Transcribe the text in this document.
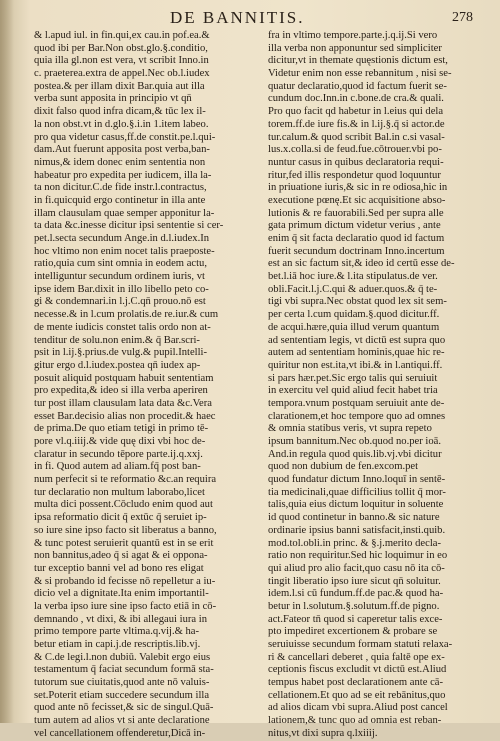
DE BANNITIS.	278
& l.apud iul. in fin.qui,ex cau.in pof.ea.&
quod ibi per Bar.Non obst.glo.§.conditio,
quia illa gl.non est vera, vt scribit Inno.in
c. praeterea.extra de appel.Nec ob.l.iudex
postea.& per illam dixit Bar.quia aut illa
verba sunt apposita in principio vt qn̄
dixit falso quod infra dicam,& tūc lex il-
la non obst.vt in d.glo.§.i.in 1.item labeo.
pro qua videtur casus,ff.de constit.pe.l.qui-
dam.Aut fuerunt apposita post verba,ban-
nimus,& idem donec enim sententia non
habeatur pro expedita per iudicem, illa la-
ta non dicitur.C.de fide instr.l.contractus,
in fi.quicquid ergo continetur in illa ante
illam clausulam quae semper apponitur la-
ta data &c.inesse dicitur ipsi sententie si cer-
pet.l.secta secundum Ange.in d.l.iudex.In
hoc vltimo non enim nocet talis praeposte-
ratio,quia cum sint omnia in eodem actu,
intelliguntur secundum ordinem iuris, vt
ipse idem Bar.dixit in illo libello peto co-
gi & condemnari.in l.j.C.qn̄ prouo.nō est
necesse.& in l.cum prolatis.de re.iur.& cum
de mente iudicis constet talis ordo non at-
tenditur de solu.non enim.& q̄ Bar.scri-
psit in l.ij.§.prius.de vulg.& pupil.Intelli-
gitur ergo d.l.iudex.postea qn̄ iudex ap-
posuit aliquid postquam habuit sententiam
pro expedita,& ideo si illa verba aperiren
tur post illam clausulam lata data &c.Vera
esset Bar.decisio alias non procedit.& haec
de prima.De quo etiam tetigi in primo tē-
pore vl.q.iiij.& vide quę dixi vbi hoc de-
claratur in secundo tēpore parte.ij.q.xxj.
in fi. Quod autem ad aliam.fq̄ post ban-
num perfecit si te reformatio &c.an requira
tur declaratio non multum laborabo,licet
multa dici possent.Cōcludo enim quod aut
ipsa reformatio dicit q̄ extūc q̄ seruiet ip-
so iure sine ipso facto sit liberatus a banno,
& tunc potest seruierit quantū est in se erit
non bannitus,adeo q̄ si agat & ei oppona-
tur exceptio banni vel ad bono res eligat
& si probando id fecisse nō repelletur a iu-
dicio vel a dignitate.Ita enim importantil-
la verba ipso iure sine ipso facto etiā in cō-
demnando , vt dixi, & ibi allegaui iura in
primo tempore parte vltima.q.vij.& ha-
betur etiam in capi.j.de rescriptis.lib.vj.
& C.de legi.l.non dubiū. Valebit ergo eius
testamentum q̄ faciat secundum formā sta-
tutorum sue ciuitatis,quod ante nō valuis-
set.Poterit etiam succedere secundum illa
quod ante nō fecisset,& sic de singul.Quā-
tum autem ad alios vt si ante declaratione
vel cancellationem offenderetur,Dicā in-
fra in vltimo tempore.parte.j.q.ij.Si vero
illa verba non apponuntur sed simpliciter
dicitur,vt in themate quęstionis dictum est,
Videtur enim non esse rebannitum , nisi se-
quatur declaratio,quod id factum fuerit se-
cundum doc.Inn.in c.bone.de cra.& quali.
Pro quo facit qd habetur in l.eius qui dela
torem.ff.de iure fis.& in l.ij.§.q̄ si actor.de
tur.calum.& quod scribit Bal.in c.si vasal-
lus.x.colla.si de feud.fue.cōtrouer.vbi po-
nuntur casus in quibus declaratoria requi-
ritur,fed illis respondetur quod loquuntur
in priuatione iuris,& sic in re odiosa,hic in
executione pœnę.Et sic acquisitione abso-
lutionis & re fauorabili.Sed per supra alle
gata primum dictum videtur verius , ante
enim q̄ sit facta declaratio quod id factum
fuerit secundum doctrinam Inno.incertum
est an sic factum sit,& ideo id certū esse de-
bet.l.iā hoc iure.& l.ita stipulatus.de ver.
obli.Facit.l.j.C.qui & aduer.quos.& q̄ te-
tigi vbi supra.Nec obstat quod lex sit sem-
per certa l.cum quidam.§.quod dicitur.ff.
de acqui.hære,quia illud verum quantum
ad sententiam legis, vt dictū est supra quo
autem ad sententiam hominis,quae hic re-
quiritur non est.ita,vt ibi.& in l.antiqui.ff.
si pars hær.pet.Sic ergo talis qui seruiuit
in exercitu vel quid aliud fecit habet tria
tempora.vnum postquam seruiuit ante de-
clarationem,et hoc tempore quo ad omnes
& omnia statibus veris, vt supra repeto
ipsum bannitum.Nec ob.quod no.per ioā.
And.in regula quod quis.lib.vj.vbi dicitur
quod non dubium de fen.excom.pet
quod fundatur dictum Inno.loquī in sentē-
tia medicinali,quae difficilius tollit q̄ mor-
talis,quia eius dictum loquitur in soluente
id quod continetur in banno.& sic nature
ordinarie ipsius banni satisfacit,insti.quib.
mod.tol.obli.in princ. & §.j.merito decla-
ratio non requiritur.Sed hic loquimur in eo
qui aliud pro alio facit,quo casu nō ita cō-
tingit liberatio ipso iure sicut qn̄ soluitur.
idem.l.si cū fundum.ff.de pac.& quod ha-
betur in l.solutum.§.solutum.ff.de pigno.
act.Fateor tn̄ quod si caperetur talis exce-
pto impediret excertionem & probare se
seruiuisse secundum formam statuti relaxa-
ri & cancellari deberet , quia faltē ope ex-
ceptionis fiscus excludit vt dictū est.Aliud
tempus habet post declarationem ante cā-
cellationem.Et quo ad se eit rebānitus,quo
ad alios dicam vbi supra.Aliud post cancel
lationem,& tunc quo ad omnia est reban-
nitus,vt dixi supra q.lxiiij.
